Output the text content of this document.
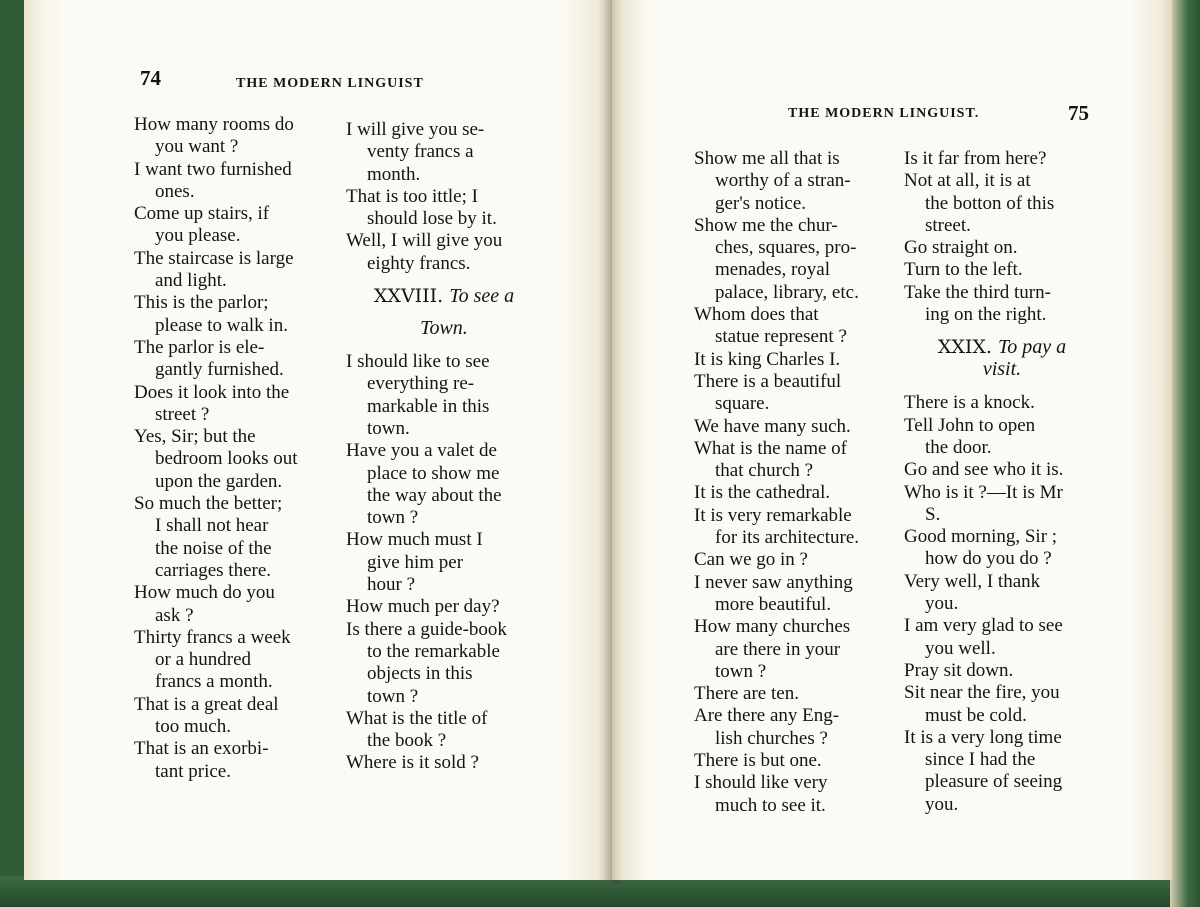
74	THE MODERN LINGUIST

How many rooms do
you want ?

I want two furnished
ones.

Come up stairs, if
you please.

The staircase is large
and light.

This is the parlor;
please to walk in.

The parlor is ele-
gantly furnished.

Does it look into the
street ?

Yes, Sir; but the
bedroom looks out
upon the garden.

So much the better;
I shall not hear
the noise of the
carriages there.

How much do you
ask ?

Thirty francs a week
or a hundred
francs a month.

That is a great deal
too much.

That is an exorbi-
tant price.

I will give you se-
venty francs a
month.

That is too ittle; I
should lose by it.

Well, I will give you
eighty francs.

XXVIII. To see a
Town.

I should like to see
everything re-
markable in this
town.

Have you a valet de
place to show me
the way about the
town ?

How much must I
give him per
hour ?

How much per day?

Is there a guide-book
to the remarkable
objects in this
town ?

What is the title of
the book ?

Where is it sold ?

THE MODERN LINGUIST.	75

Show me all that is
worthy of a stran-
ger's notice.

Show me the chur-
ches, squares, pro-
menades, royal
palace, library, etc.

Whom does that
statue represent ?

It is king Charles I.

There is a beautiful
square.

We have many such.

What is the name of
that church ?

It is the cathedral.

It is very remarkable
for its architecture.

Can we go in ?

I never saw anything
more beautiful.

How many churches
are there in your
town ?

There are ten.

Are there any Eng-
lish churches ?

There is but one.

I should like very
much to see it.

Is it far from here?

Not at all, it is at
the botton of this
street.

Go straight on.

Turn to the left.

Take the third turn-
ing on the right.

XXIX. To pay a
visit.

There is a knock.

Tell John to open
the door.

Go and see who it is.

Who is it ?—It is Mr
S.

Good morning, Sir ;
how do you do ?

Very well, I thank
you.

I am very glad to see
you well.

Pray sit down.

Sit near the fire, you
must be cold.

It is a very long time
since I had the
pleasure of seeing
you.
